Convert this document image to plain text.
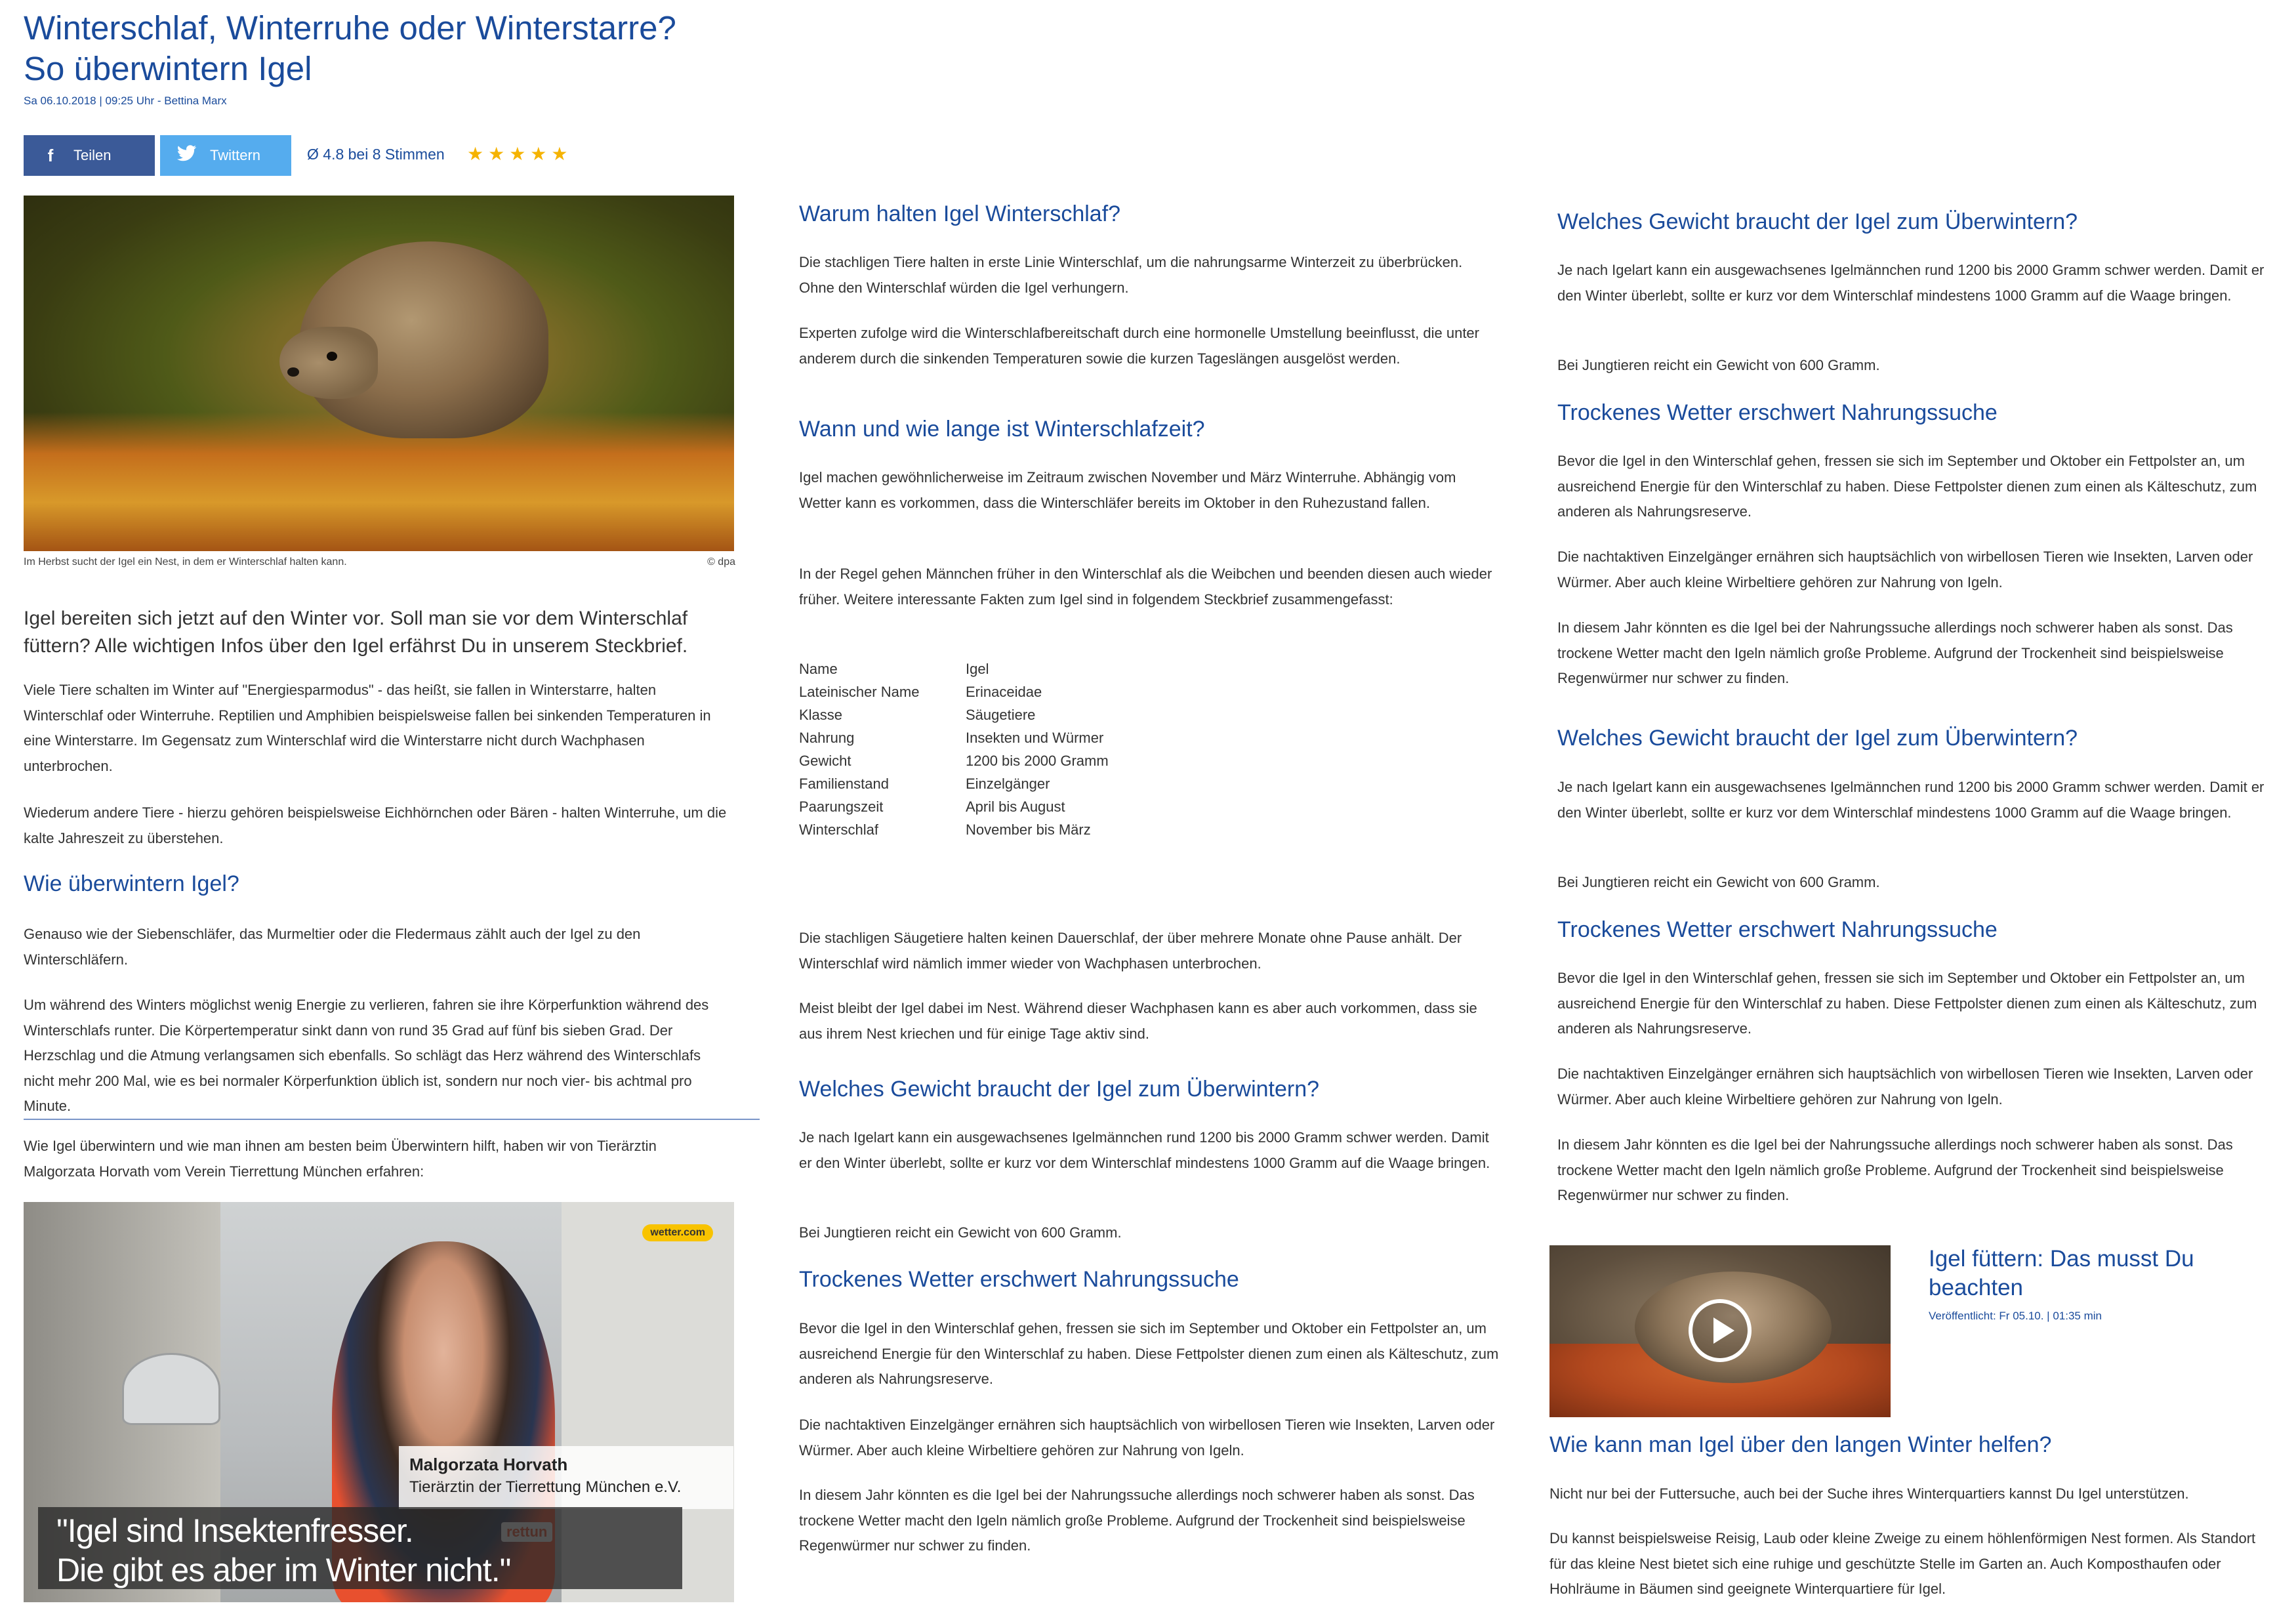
Winterschlaf, Winterruhe oder Winterstarre?
So überwintern Igel
Sa 06.10.2018 | 09:25 Uhr - Bettina Marx
f	Teilen	Twittern	Ø 4.8 bei 8 Stimmen ★★★★★
Im Herbst sucht der Igel ein Nest, in dem er Winterschlaf halten kann.	© dpa
Igel bereiten sich jetzt auf den Winter vor. Soll man sie vor dem Winterschlaf füttern? Alle wichtigen Infos über den Igel erfährst Du in unserem Steckbrief.

Viele Tiere schalten im Winter auf "Energiesparmodus" - das heißt, sie fallen in Winterstarre, halten Winterschlaf oder Winterruhe. Reptilien und Amphibien beispielsweise fallen bei sinkenden Temperaturen in eine Winterstarre. Im Gegensatz zum Winterschlaf wird die Winterstarre nicht durch Wachphasen unterbrochen.

Wiederum andere Tiere - hierzu gehören beispielsweise Eichhörnchen oder Bären - halten Winterruhe, um die kalte Jahreszeit zu überstehen.

Wie überwintern Igel?

Genauso wie der Siebenschläfer, das Murmeltier oder die Fledermaus zählt auch der Igel zu den Winterschläfern.

Um während des Winters möglichst wenig Energie zu verlieren, fahren sie ihre Körperfunktion während des Winterschlafs runter. Die Körpertemperatur sinkt dann von rund 35 Grad auf fünf bis sieben Grad. Der Herzschlag und die Atmung verlangsamen sich ebenfalls. So schlägt das Herz während des Winterschlafs nicht mehr 200 Mal, wie es bei normaler Körperfunktion üblich ist, sondern nur noch vier- bis achtmal pro Minute.

Wie Igel überwintern und wie man ihnen am besten beim Überwintern hilft, haben wir von Tierärztin Malgorzata Horvath vom Verein Tierrettung München erfahren:

wetter.com
Malgorzata Horvath
Tierärztin der Tierrettung München e.V.
"Igel sind Insektenfresser.
Die gibt es aber im Winter nicht."
Warum halten Igel Winterschlaf?

Die stachligen Tiere halten in erste Linie Winterschlaf, um die nahrungsarme Winterzeit zu überbrücken. Ohne den Winterschlaf würden die Igel verhungern.

Experten zufolge wird die Winterschlafbereitschaft durch eine hormonelle Umstellung beeinflusst, die unter anderem durch die sinkenden Temperaturen sowie die kurzen Tageslängen ausgelöst werden.

Wann und wie lange ist Winterschlafzeit?

Igel machen gewöhnlicherweise im Zeitraum zwischen November und März Winterruhe. Abhängig vom Wetter kann es vorkommen, dass die Winterschläfer bereits im Oktober in den Ruhezustand fallen.

In der Regel gehen Männchen früher in den Winterschlaf als die Weibchen und beenden diesen auch wieder früher. Weitere interessante Fakten zum Igel sind in folgendem Steckbrief zusammengefasst:

Name	Igel
Lateinischer Name	Erinaceidae
Klasse	Säugetiere
Nahrung	Insekten und Würmer
Gewicht	1200 bis 2000 Gramm
Familienstand	Einzelgänger
Paarungszeit	April bis August
Winterschlaf	November bis März

Die stachligen Säugetiere halten keinen Dauerschlaf, der über mehrere Monate ohne Pause anhält. Der Winterschlaf wird nämlich immer wieder von Wachphasen unterbrochen.

Meist bleibt der Igel dabei im Nest. Während dieser Wachphasen kann es aber auch vorkommen, dass sie aus ihrem Nest kriechen und für einige Tage aktiv sind.

Welches Gewicht braucht der Igel zum Überwintern?

Je nach Igelart kann ein ausgewachsenes Igelmännchen rund 1200 bis 2000 Gramm schwer werden. Damit er den Winter überlebt, sollte er kurz vor dem Winterschlaf mindestens 1000 Gramm auf die Waage bringen.

Bei Jungtieren reicht ein Gewicht von 600 Gramm.

Trockenes Wetter erschwert Nahrungssuche

Bevor die Igel in den Winterschlaf gehen, fressen sie sich im September und Oktober ein Fettpolster an, um ausreichend Energie für den Winterschlaf zu haben. Diese Fettpolster dienen zum einen als Kälteschutz, zum anderen als Nahrungsreserve.

Die nachtaktiven Einzelgänger ernähren sich hauptsächlich von wirbellosen Tieren wie Insekten, Larven oder Würmer. Aber auch kleine Wirbeltiere gehören zur Nahrung von Igeln.

In diesem Jahr könnten es die Igel bei der Nahrungssuche allerdings noch schwerer haben als sonst. Das trockene Wetter macht den Igeln nämlich große Probleme. Aufgrund der Trockenheit sind beispielsweise Regenwürmer nur schwer zu finden.

Welches Gewicht braucht der Igel zum Überwintern?

Je nach Igelart kann ein ausgewachsenes Igelmännchen rund 1200 bis 2000 Gramm schwer werden. Damit er den Winter überlebt, sollte er kurz vor dem Winterschlaf mindestens 1000 Gramm auf die Waage bringen.

Bei Jungtieren reicht ein Gewicht von 600 Gramm.

Trockenes Wetter erschwert Nahrungssuche

Bevor die Igel in den Winterschlaf gehen, fressen sie sich im September und Oktober ein Fettpolster an, um ausreichend Energie für den Winterschlaf zu haben. Diese Fettpolster dienen zum einen als Kälteschutz, zum anderen als Nahrungsreserve.

Die nachtaktiven Einzelgänger ernähren sich hauptsächlich von wirbellosen Tieren wie Insekten, Larven oder Würmer. Aber auch kleine Wirbeltiere gehören zur Nahrung von Igeln.

In diesem Jahr könnten es die Igel bei der Nahrungssuche allerdings noch schwerer haben als sonst. Das trockene Wetter macht den Igeln nämlich große Probleme. Aufgrund der Trockenheit sind beispielsweise Regenwürmer nur schwer zu finden.

Welches Gewicht braucht der Igel zum Überwintern?

Je nach Igelart kann ein ausgewachsenes Igelmännchen rund 1200 bis 2000 Gramm schwer werden. Damit er den Winter überlebt, sollte er kurz vor dem Winterschlaf mindestens 1000 Gramm auf die Waage bringen.

Bei Jungtieren reicht ein Gewicht von 600 Gramm.

Trockenes Wetter erschwert Nahrungssuche

Bevor die Igel in den Winterschlaf gehen, fressen sie sich im September und Oktober ein Fettpolster an, um ausreichend Energie für den Winterschlaf zu haben. Diese Fettpolster dienen zum einen als Kälteschutz, zum anderen als Nahrungsreserve.

Die nachtaktiven Einzelgänger ernähren sich hauptsächlich von wirbellosen Tieren wie Insekten, Larven oder Würmer. Aber auch kleine Wirbeltiere gehören zur Nahrung von Igeln.

In diesem Jahr könnten es die Igel bei der Nahrungssuche allerdings noch schwerer haben als sonst. Das trockene Wetter macht den Igeln nämlich große Probleme. Aufgrund der Trockenheit sind beispielsweise Regenwürmer nur schwer zu finden.

Igel füttern: Das musst Du beachten
Veröffentlicht: Fr 05.10. | 01:35 min
Wie kann man Igel über den langen Winter helfen?

Nicht nur bei der Futtersuche, auch bei der Suche ihres Winterquartiers kannst Du Igel unterstützen.

Du kannst beispielsweise Reisig, Laub oder kleine Zweige zu einem höhlenförmigen Nest formen. Als Standort für das kleine Nest bietet sich eine ruhige und geschützte Stelle im Garten an. Auch Komposthaufen oder Hohlräume in Bäumen sind geeignete Winterquartiere für Igel.
